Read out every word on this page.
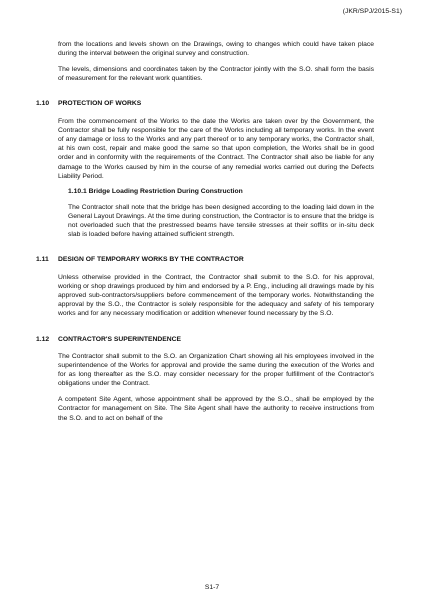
(JKR/SPJ/2015-S1)

from the locations and levels shown on the Drawings, owing to changes which could have taken place during the interval between the original survey and construction.

The levels, dimensions and coordinates taken by the Contractor jointly with the S.O. shall form the basis of measurement for the relevant work quantities.

1.10 PROTECTION OF WORKS

From the commencement of the Works to the date the Works are taken over by the Government, the Contractor shall be fully responsible for the care of the Works including all temporary works. In the event of any damage or loss to the Works and any part thereof or to any temporary works, the Contractor shall, at his own cost, repair and make good the same so that upon completion, the Works shall be in good order and in conformity with the requirements of the Contract. The Contractor shall also be liable for any damage to the Works caused by him in the course of any remedial works carried out during the Defects Liability Period.

1.10.1 Bridge Loading Restriction During Construction

The Contractor shall note that the bridge has been designed according to the loading laid down in the General Layout Drawings. At the time during construction, the Contractor is to ensure that the bridge is not overloaded such that the prestressed beams have tensile stresses at their soffits or in-situ deck slab is loaded before having attained sufficient strength.

1.11 DESIGN OF TEMPORARY WORKS BY THE CONTRACTOR

Unless otherwise provided in the Contract, the Contractor shall submit to the S.O. for his approval, working or shop drawings produced by him and endorsed by a P. Eng., including all drawings made by his approved sub-contractors/suppliers before commencement of the temporary works. Notwithstanding the approval by the S.O., the Contractor is solely responsible for the adequacy and safety of his temporary works and for any necessary modification or addition whenever found necessary by the S.O.

1.12 CONTRACTOR'S SUPERINTENDENCE

The Contractor shall submit to the S.O. an Organization Chart showing all his employees involved in the superintendence of the Works for approval and provide the same during the execution of the Works and for as long thereafter as the S.O. may consider necessary for the proper fulfillment of the Contractor's obligations under the Contract.

A competent Site Agent, whose appointment shall be approved by the S.O., shall be employed by the Contractor for management on Site. The Site Agent shall have the authority to receive instructions from the S.O. and to act on behalf of the

S1-7
